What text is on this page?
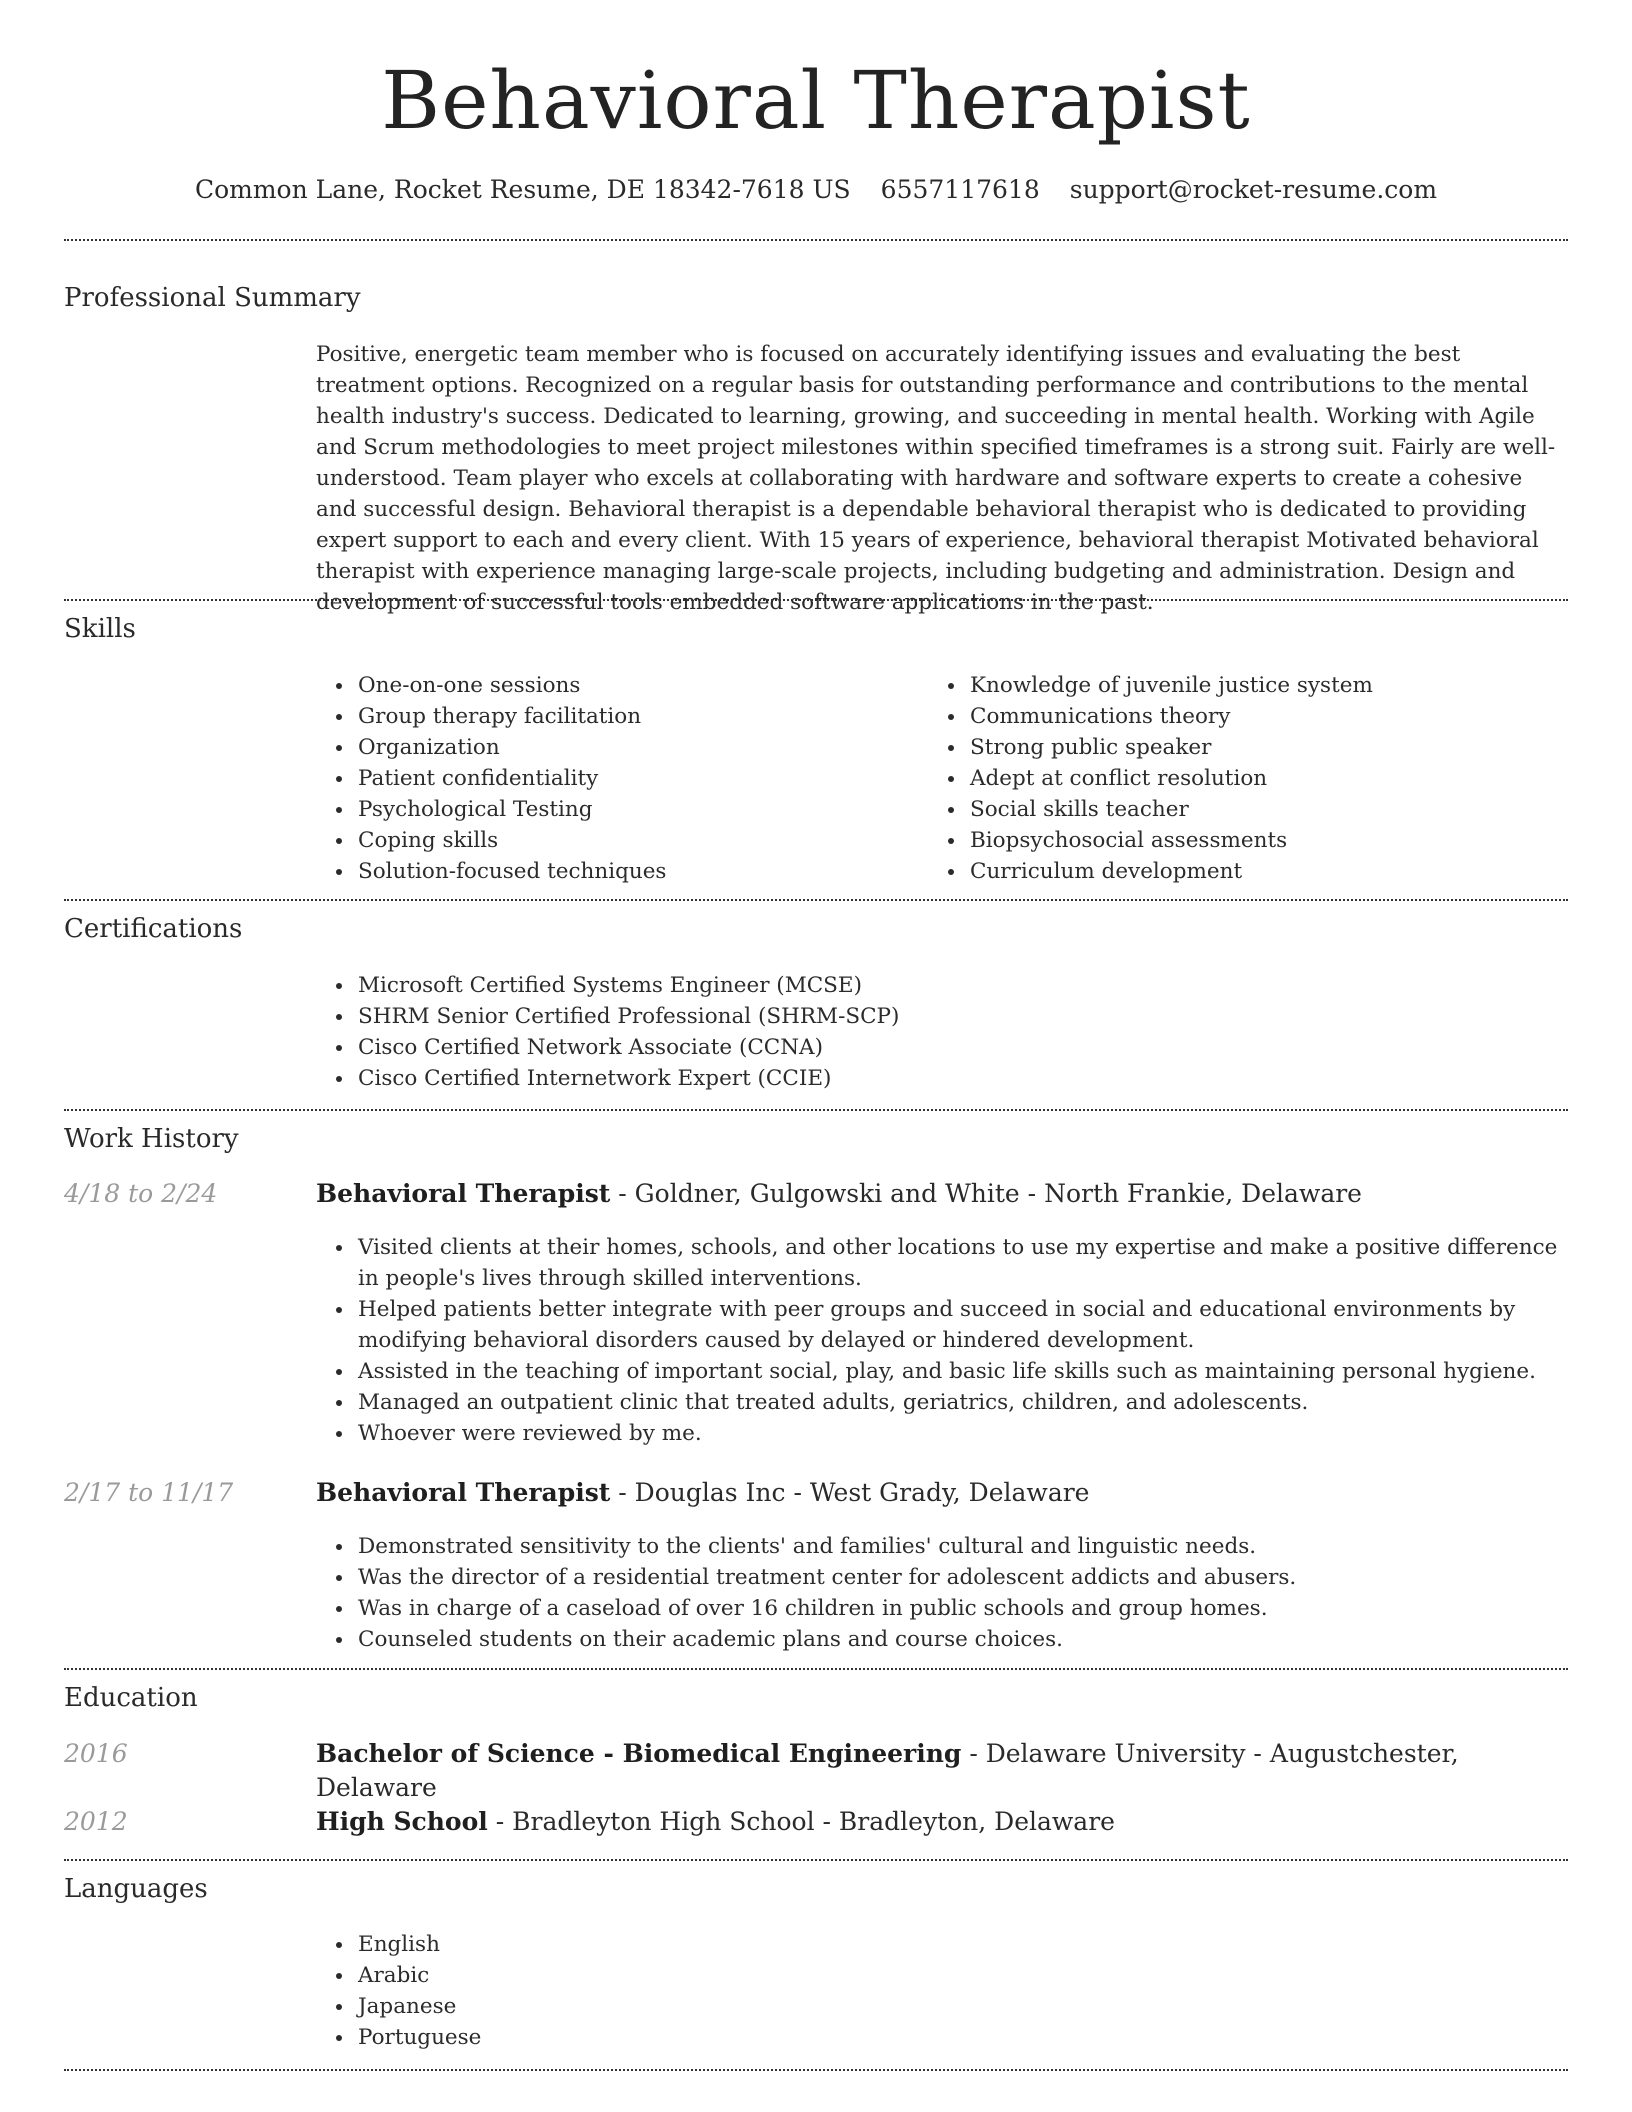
Behavioral Therapist
Common Lane, Rocket Resume, DE 18342-7618 US 6557117618 support@rocket-resume.com
Professional Summary
Positive, energetic team member who is focused on accurately identifying issues and evaluating the best treatment options. Recognized on a regular basis for outstanding performance and contributions to the mental health industry's success. Dedicated to learning, growing, and succeeding in mental health. Working with Agile and Scrum methodologies to meet project milestones within specified timeframes is a strong suit. Fairly are well-understood. Team player who excels at collaborating with hardware and software experts to create a cohesive and successful design. Behavioral therapist is a dependable behavioral therapist who is dedicated to providing expert support to each and every client. With 15 years of experience, behavioral therapist Motivated behavioral therapist with experience managing large-scale projects, including budgeting and administration. Design and development of successful tools embedded software applications in the past.
Skills
One-on-one sessions
Group therapy facilitation
Organization
Patient confidentiality
Psychological Testing
Coping skills
Solution-focused techniques
Knowledge of juvenile justice system
Communications theory
Strong public speaker
Adept at conflict resolution
Social skills teacher
Biopsychosocial assessments
Curriculum development
Certifications
Microsoft Certified Systems Engineer (MCSE)
SHRM Senior Certified Professional (SHRM-SCP)
Cisco Certified Network Associate (CCNA)
Cisco Certified Internetwork Expert (CCIE)
Work History
4/18 to 2/24	Behavioral Therapist - Goldner, Gulgowski and White - North Frankie, Delaware
Visited clients at their homes, schools, and other locations to use my expertise and make a positive difference in people's lives through skilled interventions.
Helped patients better integrate with peer groups and succeed in social and educational environments by modifying behavioral disorders caused by delayed or hindered development.
Assisted in the teaching of important social, play, and basic life skills such as maintaining personal hygiene.
Managed an outpatient clinic that treated adults, geriatrics, children, and adolescents.
Whoever were reviewed by me.
2/17 to 11/17	Behavioral Therapist - Douglas Inc - West Grady, Delaware
Demonstrated sensitivity to the clients' and families' cultural and linguistic needs.
Was the director of a residential treatment center for adolescent addicts and abusers.
Was in charge of a caseload of over 16 children in public schools and group homes.
Counseled students on their academic plans and course choices.
Education
2016	Bachelor of Science - Biomedical Engineering - Delaware University - Augustchester, Delaware
2012	High School - Bradleyton High School - Bradleyton, Delaware
Languages
English
Arabic
Japanese
Portuguese
